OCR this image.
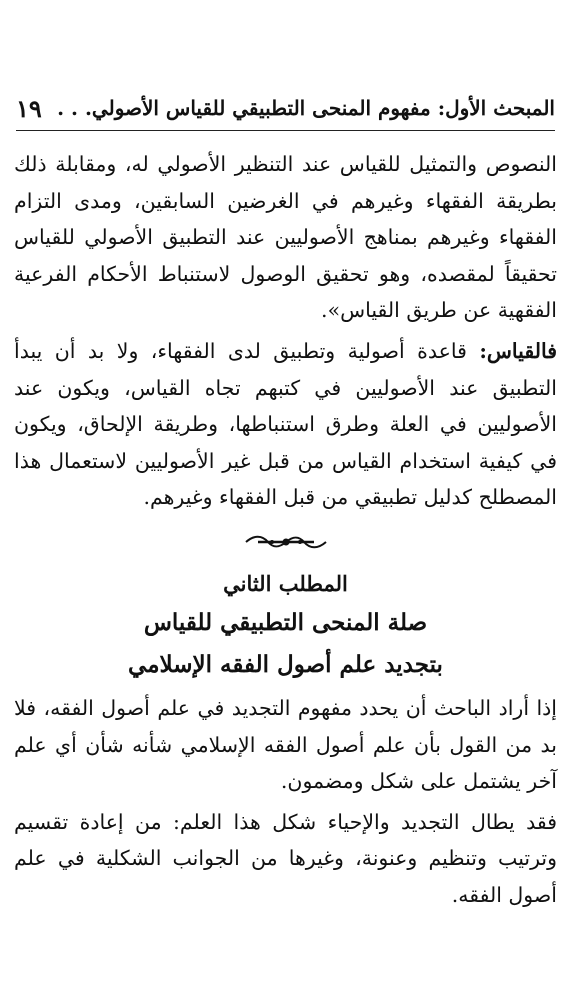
المبحث الأول: مفهوم المنحى التطبيقي للقياس الأصولي. . .
١٩

النصوص والتمثيل للقياس عند التنظير الأصولي له، ومقابلة ذلك بطريقة الفقهاء وغيرهم في الغرضين السابقين، ومدى التزام الفقهاء وغيرهم بمناهج الأصوليين عند التطبيق الأصولي للقياس تحقيقاً لمقصده، وهو تحقيق الوصول لاستنباط الأحكام الفرعية الفقهية عن طريق القياس».

فالقياس: قاعدة أصولية وتطبيق لدى الفقهاء، ولا بد أن يبدأ التطبيق عند الأصوليين في كتبهم تجاه القياس، ويكون عند الأصوليين في العلة وطرق استنباطها، وطريقة الإلحاق، ويكون في كيفية استخدام القياس من قبل غير الأصوليين لاستعمال هذا المصطلح كدليل تطبيقي من قبل الفقهاء وغيرهم.

المطلب الثاني
صلة المنحى التطبيقي للقياس
بتجديد علم أصول الفقه الإسلامي

إذا أراد الباحث أن يحدد مفهوم التجديد في علم أصول الفقه، فلا بد من القول بأن علم أصول الفقه الإسلامي شأنه شأن أي علم آخر يشتمل على شكل ومضمون.

فقد يطال التجديد والإحياء شكل هذا العلم: من إعادة تقسيم وترتيب وتنظيم وعنونة، وغيرها من الجوانب الشكلية في علم أصول الفقه.
